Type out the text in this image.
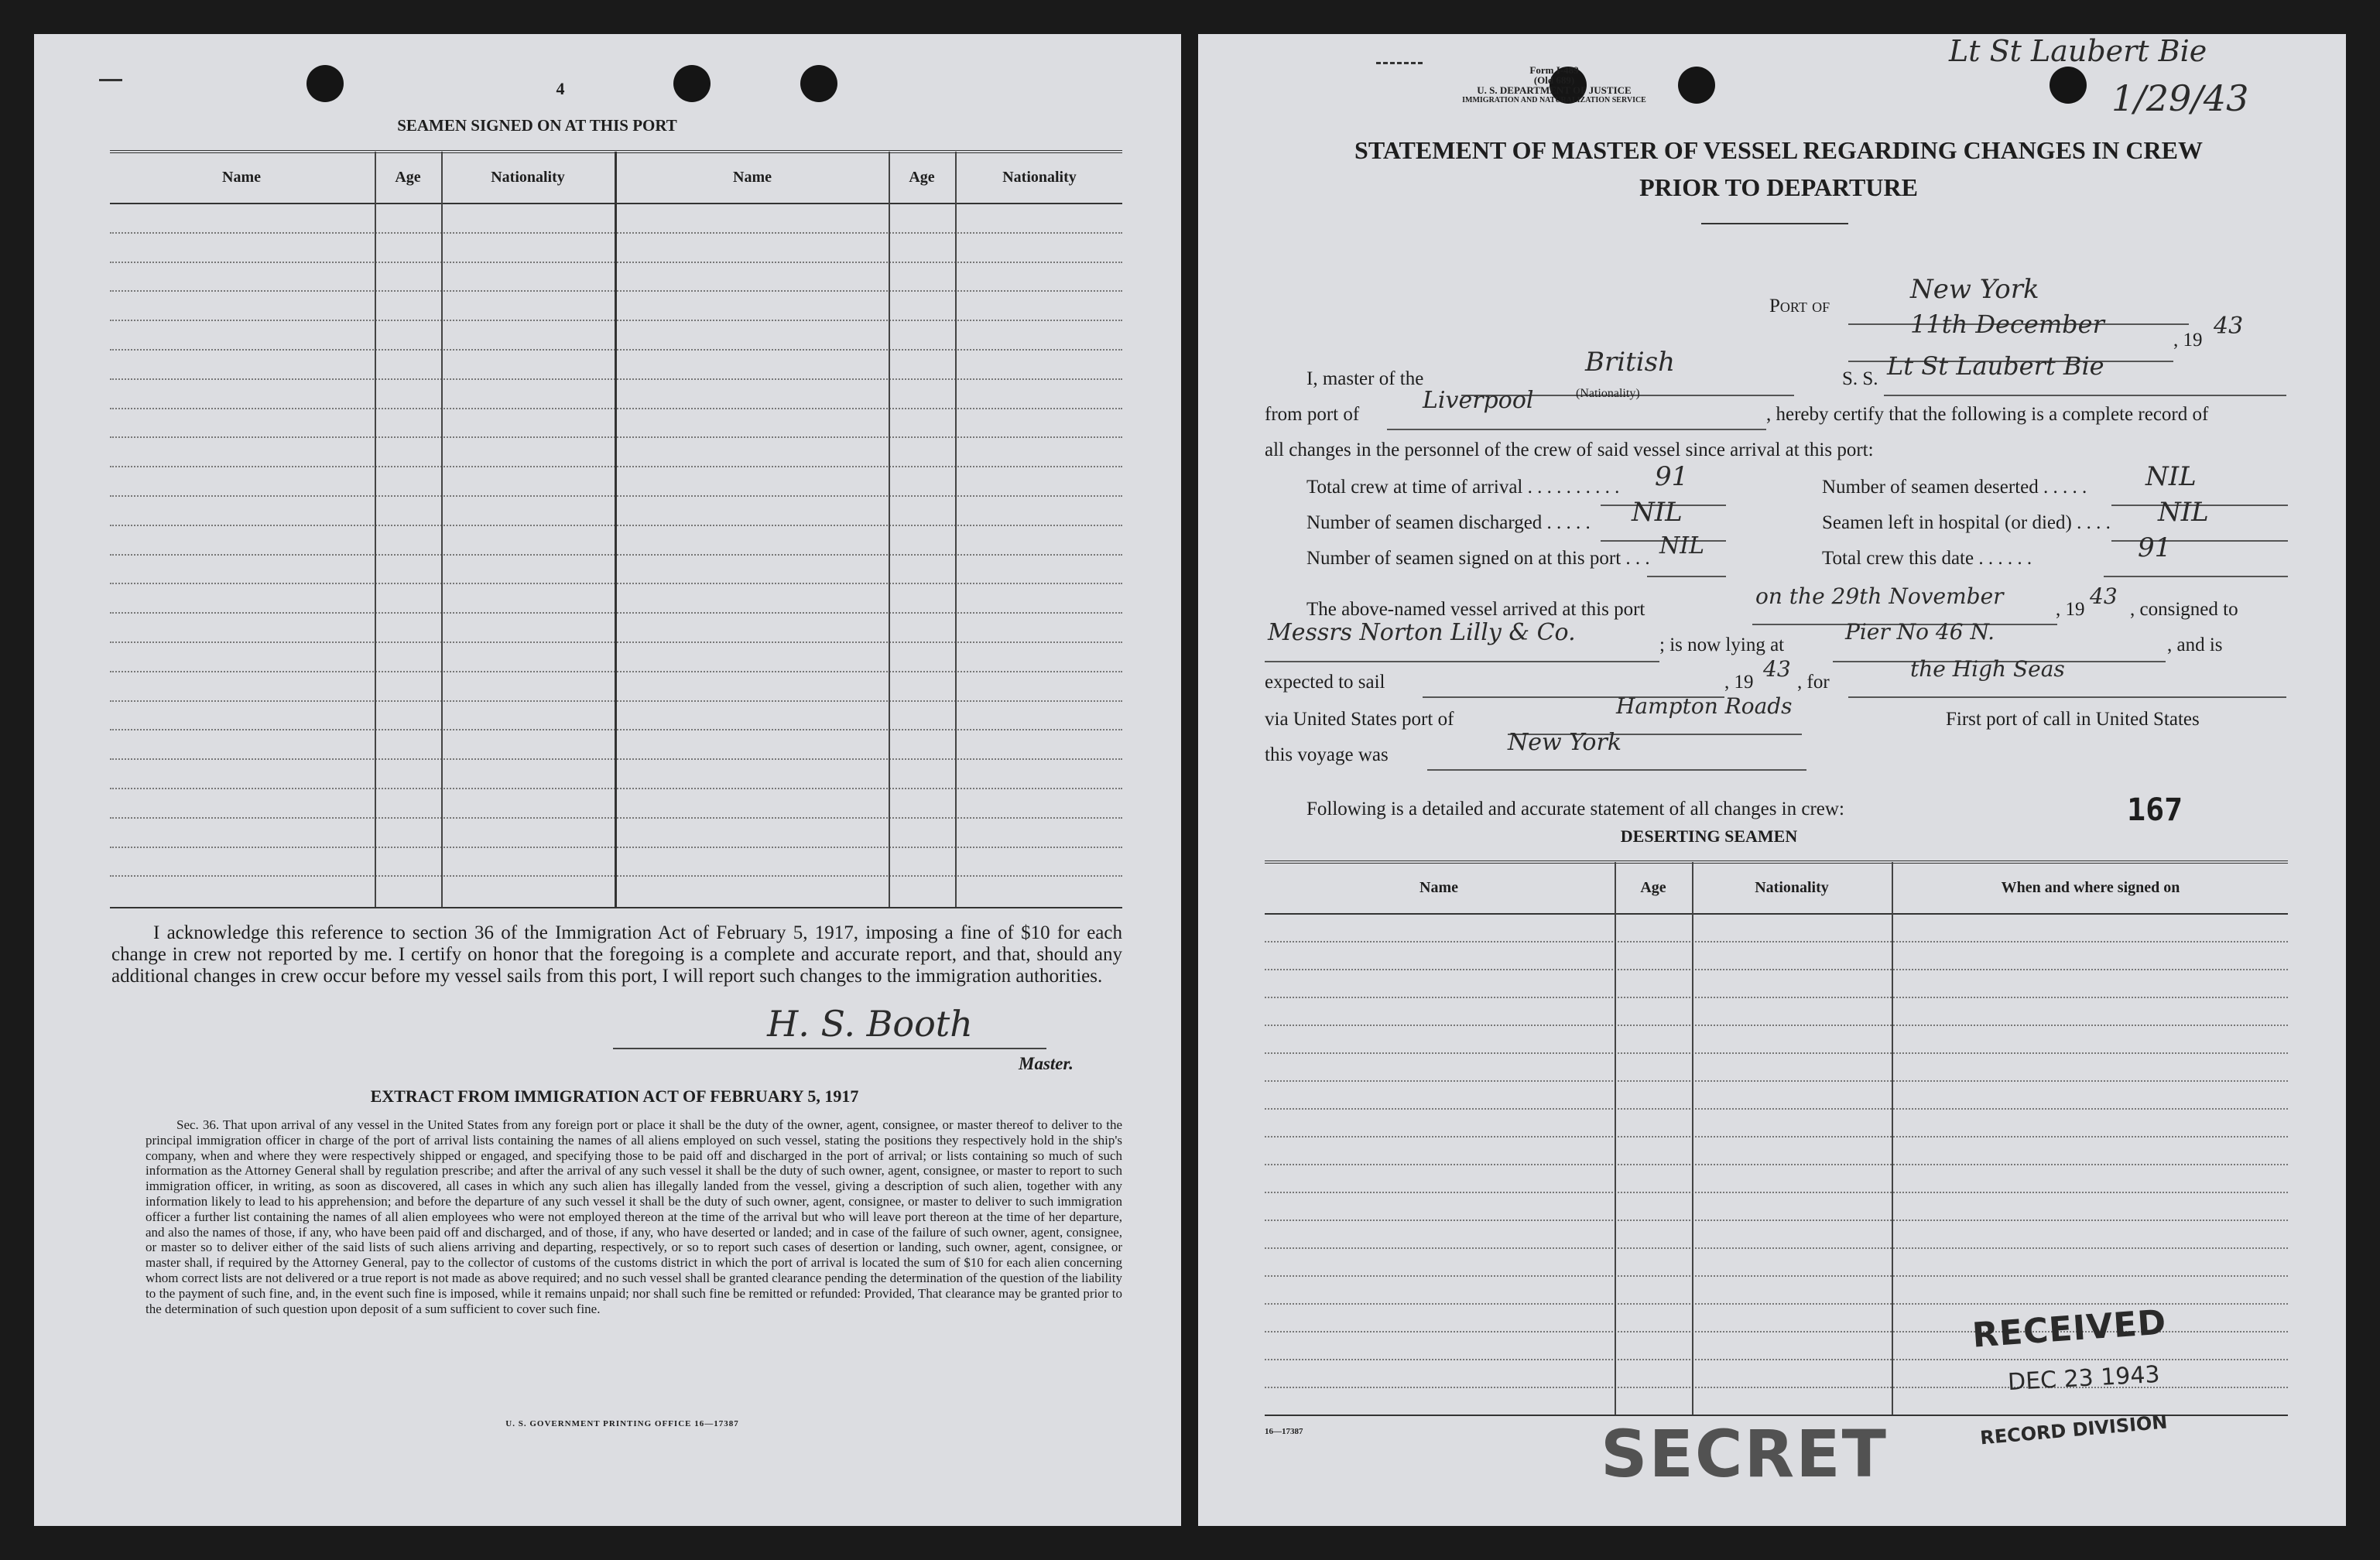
4
SEAMEN SIGNED ON AT THIS PORT
Name	Age	Nationality	Name	Age	Nationality
I acknowledge this reference to section 36 of the Immigration Act of February 5, 1917, imposing a fine of $10 for each change in crew not reported by me. I certify on honor that the foregoing is a complete and accurate report, and that, should any additional changes in crew occur before my vessel sails from this port, I will report such changes to the immigration authorities.
H. S. Booth
Master.
EXTRACT FROM IMMIGRATION ACT OF FEBRUARY 5, 1917
Sec. 36. That upon arrival of any vessel in the United States from any foreign port or place it shall be the duty of the owner, agent, consignee, or master thereof to deliver to the principal immigration officer in charge of the port of arrival lists containing the names of all aliens employed on such vessel, stating the positions they respectively hold in the ship's company, when and where they were respectively shipped or engaged, and specifying those to be paid off and discharged in the port of arrival; or lists containing so much of such information as the Attorney General shall by regulation prescribe; and after the arrival of any such vessel it shall be the duty of such owner, agent, consignee, or master to report to such immigration officer, in writing, as soon as discovered, all cases in which any such alien has illegally landed from the vessel, giving a description of such alien, together with any information likely to lead to his apprehension; and before the departure of any such vessel it shall be the duty of such owner, agent, consignee, or master to deliver to such immigration officer a further list containing the names of all alien employees who were not employed thereon at the time of the arrival but who will leave port thereon at the time of her departure, and also the names of those, if any, who have been paid off and discharged, and of those, if any, who have deserted or landed; and in case of the failure of such owner, agent, consignee, or master so to deliver either of the said lists of such aliens arriving and departing, respectively, or so to report such cases of desertion or landing, such owner, agent, consignee, or master shall, if required by the Attorney General, pay to the collector of customs of the customs district in which the port of arrival is located the sum of $10 for each alien concerning whom correct lists are not delivered or a true report is not made as above required; and no such vessel shall be granted clearance pending the determination of the question of the liability to the payment of such fine, and, in the event such fine is imposed, while it remains unpaid; nor shall such fine be remitted or refunded: Provided, That clearance may be granted prior to the determination of such question upon deposit of a sum sufficient to cover such fine.
U. S. GOVERNMENT PRINTING OFFICE 16—17387
Form I-489
(Old 689)
U. S. DEPARTMENT OF JUSTICE
IMMIGRATION AND NATURALIZATION SERVICE
Lt St Laubert Bie
1/29/43
STATEMENT OF MASTER OF VESSEL REGARDING CHANGES IN CREW
PRIOR TO DEPARTURE
Port of
New York
11th December
, 19
43
I, master of the
British
(Nationality)
S. S. Lt St Laubert Bie
from port of
Liverpool
, hereby certify that the following is a complete record of
all changes in the personnel of the crew of said vessel since arrival at this port:
Total crew at time of arrival . . . . . . . . . . 91	Number of seamen deserted . . . . . NIL
Number of seamen discharged . . . . . NIL	Seamen left in hospital (or died) . . . . NIL
Number of seamen signed on at this port . . . NIL	Total crew this date . . . . . .	91
The above-named vessel arrived at this port
on the 29th November
, 19
43
, consigned to
Messrs Norton Lilly & Co.	; is now lying at
Pier No 46 N.
, and is
expected to sail	, 19
43
, for
the High Seas
via United States port of
Hampton Roads
First port of call in United States
this voyage was	New York
Following is a detailed and accurate statement of all changes in crew:	167
DESERTING SEAMEN
Name	Age	Nationality	When and where signed on
16—17387
RECEIVED
DEC 23 1943
RECORD DIVISION
SECRET
